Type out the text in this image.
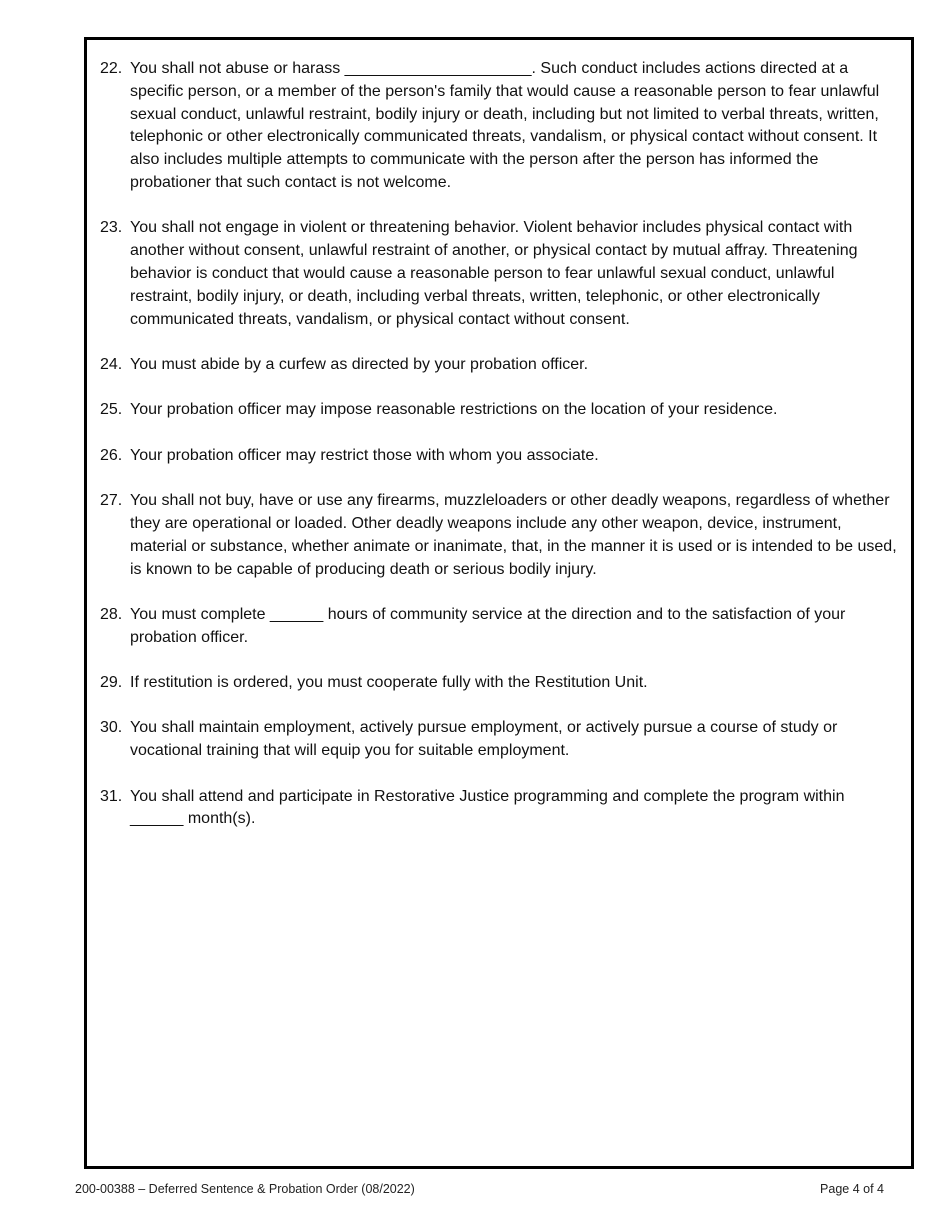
22. You shall not abuse or harass _____________________. Such conduct includes actions directed at a specific person, or a member of the person's family that would cause a reasonable person to fear unlawful sexual conduct, unlawful restraint, bodily injury or death, including but not limited to verbal threats, written, telephonic or other electronically communicated threats, vandalism, or physical contact without consent. It also includes multiple attempts to communicate with the person after the person has informed the probationer that such contact is not welcome.
23. You shall not engage in violent or threatening behavior. Violent behavior includes physical contact with another without consent, unlawful restraint of another, or physical contact by mutual affray. Threatening behavior is conduct that would cause a reasonable person to fear unlawful sexual conduct, unlawful restraint, bodily injury, or death, including verbal threats, written, telephonic, or other electronically communicated threats, vandalism, or physical contact without consent.
24. You must abide by a curfew as directed by your probation officer.
25. Your probation officer may impose reasonable restrictions on the location of your residence.
26. Your probation officer may restrict those with whom you associate.
27. You shall not buy, have or use any firearms, muzzleloaders or other deadly weapons, regardless of whether they are operational or loaded. Other deadly weapons include any other weapon, device, instrument, material or substance, whether animate or inanimate, that, in the manner it is used or is intended to be used, is known to be capable of producing death or serious bodily injury.
28. You must complete ______ hours of community service at the direction and to the satisfaction of your probation officer.
29. If restitution is ordered, you must cooperate fully with the Restitution Unit.
30. You shall maintain employment, actively pursue employment, or actively pursue a course of study or vocational training that will equip you for suitable employment.
31. You shall attend and participate in Restorative Justice programming and complete the program within ______ month(s).
200-00388 – Deferred Sentence & Probation Order (08/2022)	Page 4 of 4
